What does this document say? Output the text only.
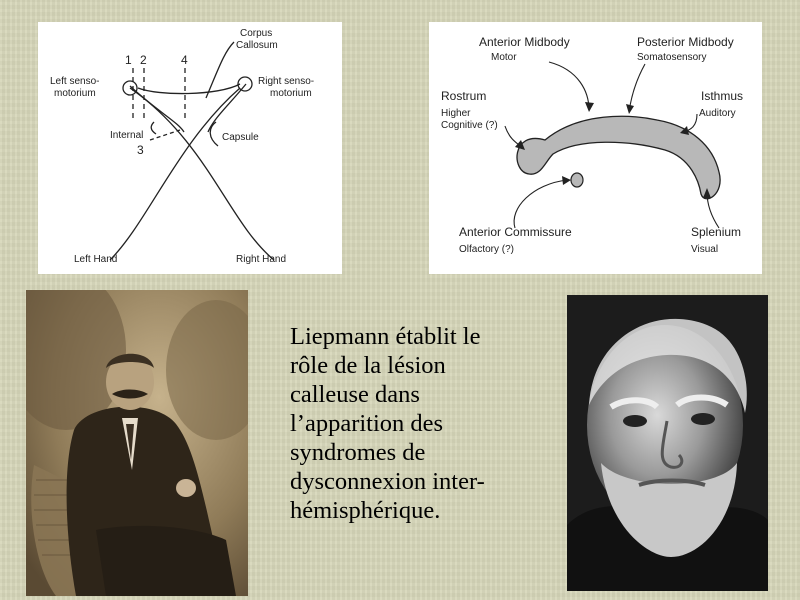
1 2	4
3
Corpus
Callosum
Left senso-
motorium
Right senso-
motorium
Internal	Capsule
Left Hand	Right Hand
Anterior Midbody
Motor
Posterior Midbody
Somatosensory
Rostrum
Higher
Cognitive (?)
Isthmus
Auditory
Anterior Commissure
Olfactory (?)
Splenium
Visual

Liepmann établit le
rôle de la lésion
calleuse dans
l’apparition des
syndromes de
dysconnexion inter-
hémisphérique.
